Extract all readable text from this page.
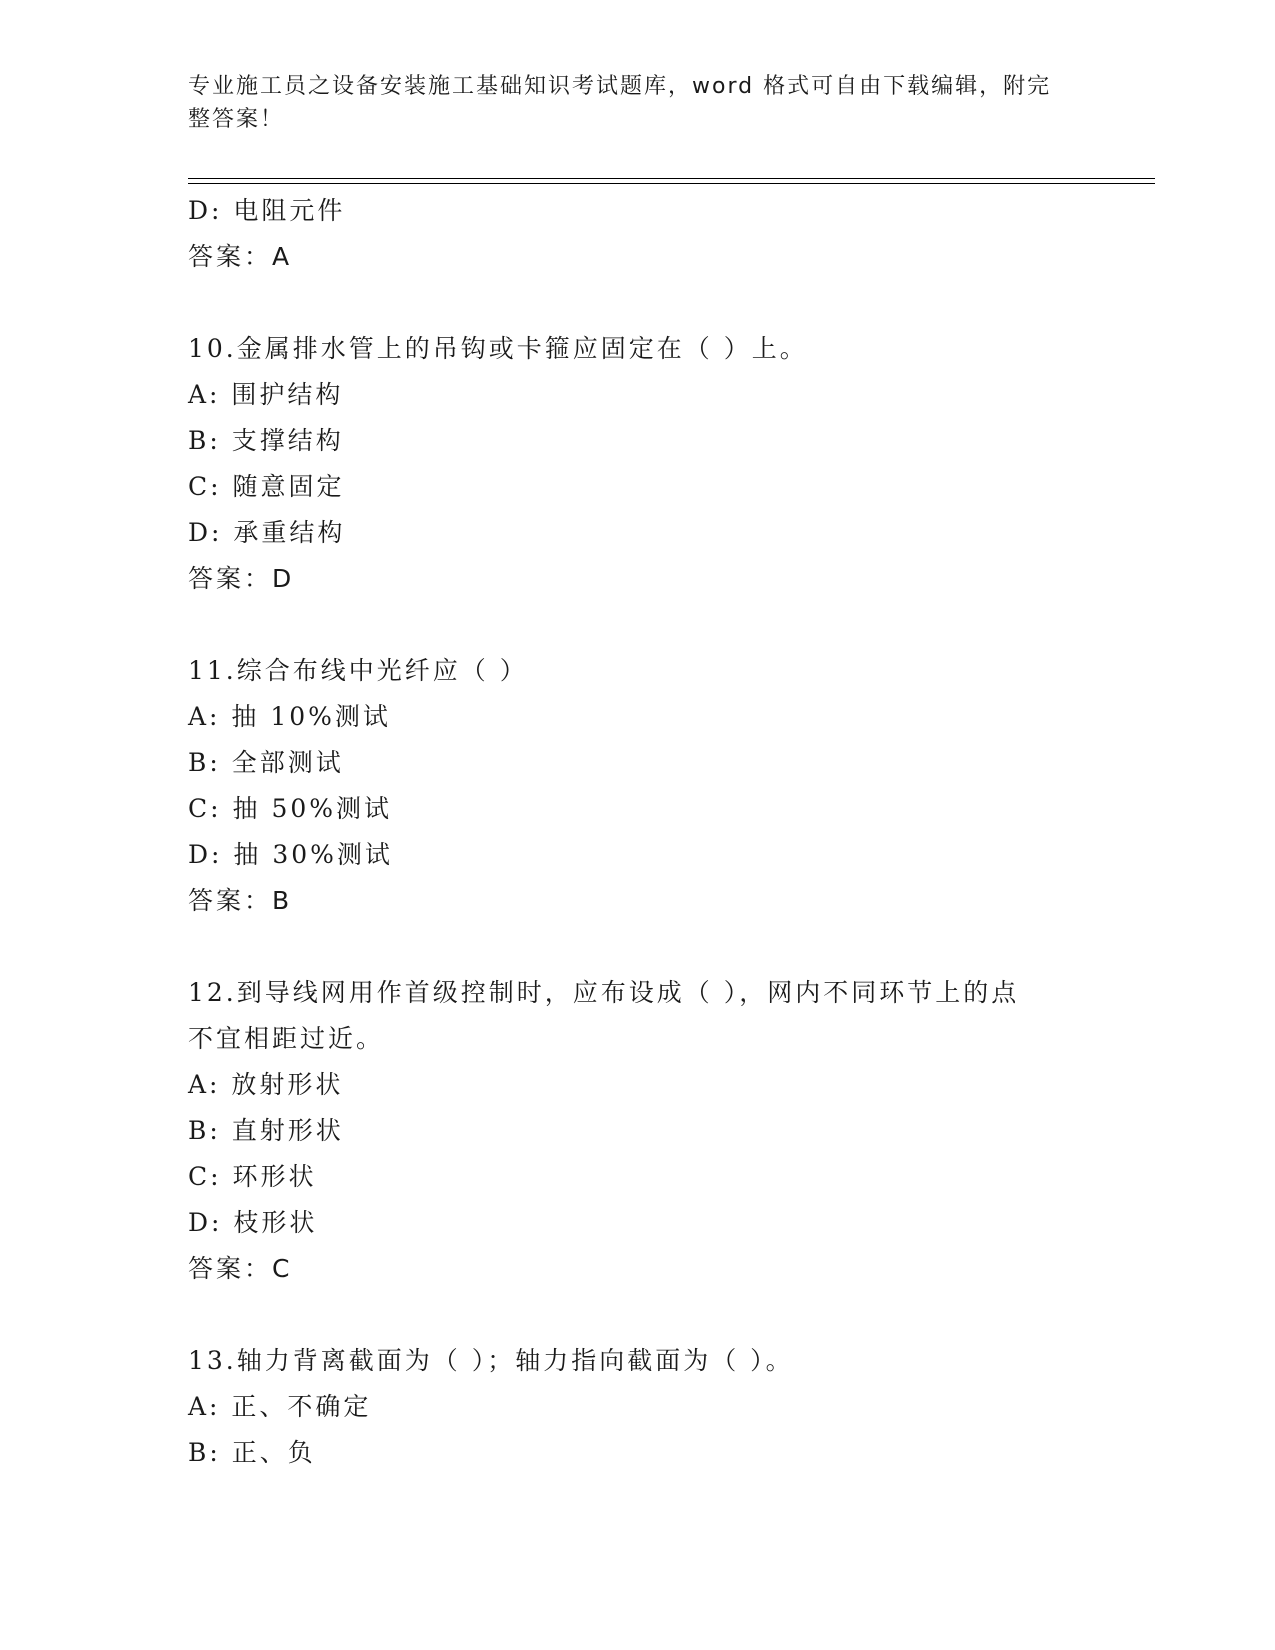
专业施工员之设备安装施工基础知识考试题库，word 格式可自由下载编辑，附完整答案！
D: 电阻元件
答案：A
10.金属排水管上的吊钩或卡箍应固定在（ ）上。
A: 围护结构
B: 支撑结构
C: 随意固定
D: 承重结构
答案：D
11.综合布线中光纤应（ ）
A: 抽 10%测试
B: 全部测试
C: 抽 50%测试
D: 抽 30%测试
答案：B
12.到导线网用作首级控制时，应布设成（ ），网内不同环节上的点
不宜相距过近。
A: 放射形状
B: 直射形状
C: 环形状
D: 枝形状
答案：C
13.轴力背离截面为（ ）；轴力指向截面为（ ）。
A: 正、不确定
B: 正、负
